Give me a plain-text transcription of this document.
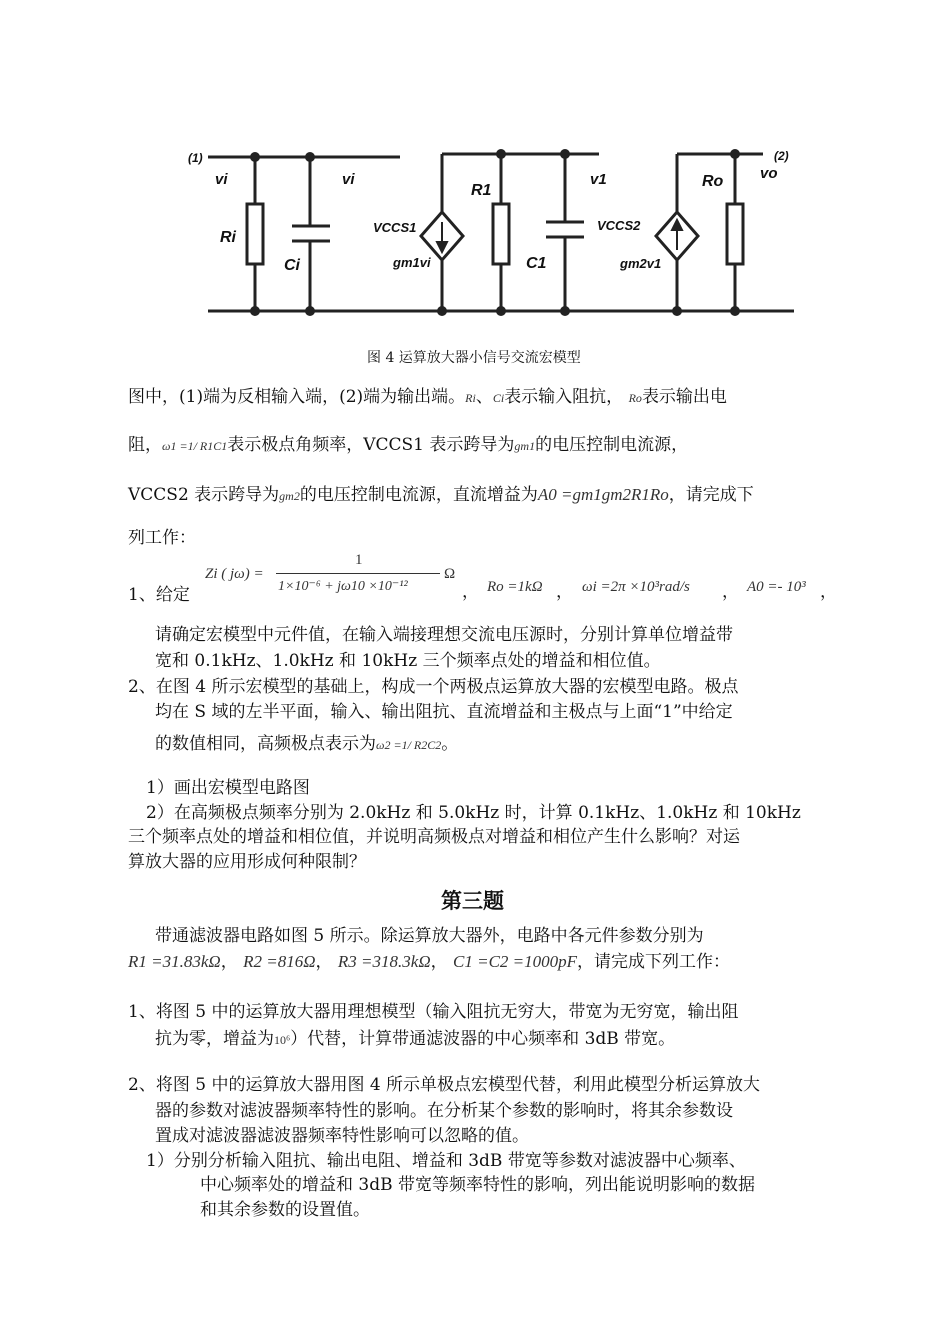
(1)
vi	vi
Ri
Ci
VCCS1
gm1vi
R1
v1
C1
VCCS2
gm2v1
Ro vo
(2)
图 4 运算放大器小信号交流宏模型
图中，(1)端为反相输入端，(2)端为输出端。Ri、Ci表示输入阻抗， Ro表示输出电
阻，ω1 =1/ R1C1表示极点角频率，VCCS1 表示跨导为gm1的电压控制电流源，
VCCS2 表示跨导为gm2的电压控制电流源，直流增益为A0 =gm1gm2R1Ro，请完成下
列工作：
1、给定
Zi ( jω) =
1
1×10⁻⁶ + jω10 ×10⁻¹²
Ω
， Ro =1kΩ ， ωi =2π ×10³rad/s ， A0 =- 10³ ，
请确定宏模型中元件值，在输入端接理想交流电压源时，分别计算单位增益带
宽和 0.1kHz、1.0kHz 和 10kHz 三个频率点处的增益和相位值。
2、在图 4 所示宏模型的基础上，构成一个两极点运算放大器的宏模型电路。极点
均在 S 域的左半平面，输入、输出阻抗、直流增益和主极点与上面“1”中给定
的数值相同，高频极点表示为ω2 =1/ R2C2。
1）画出宏模型电路图
2）在高频极点频率分别为 2.0kHz 和 5.0kHz 时，计算 0.1kHz、1.0kHz 和 10kHz
三个频率点处的增益和相位值，并说明高频极点对增益和相位产生什么影响？对运
算放大器的应用形成何种限制？
第三题
带通滤波器电路如图 5 所示。除运算放大器外，电路中各元件参数分别为
R1 =31.83kΩ， R2 =816Ω， R3 =318.3kΩ， C1 =C2 =1000pF，请完成下列工作：
1、将图 5 中的运算放大器用理想模型（输入阻抗无穷大，带宽为无穷宽，输出阻
抗为零，增益为10⁶）代替，计算带通滤波器的中心频率和 3dB 带宽。
2、将图 5 中的运算放大器用图 4 所示单极点宏模型代替，利用此模型分析运算放大
器的参数对滤波器频率特性的影响。在分析某个参数的影响时，将其余参数设
置成对滤波器滤波器频率特性影响可以忽略的值。
1）分别分析输入阻抗、输出电阻、增益和 3dB 带宽等参数对滤波器中心频率、
中心频率处的增益和 3dB 带宽等频率特性的影响，列出能说明影响的数据
和其余参数的设置值。
